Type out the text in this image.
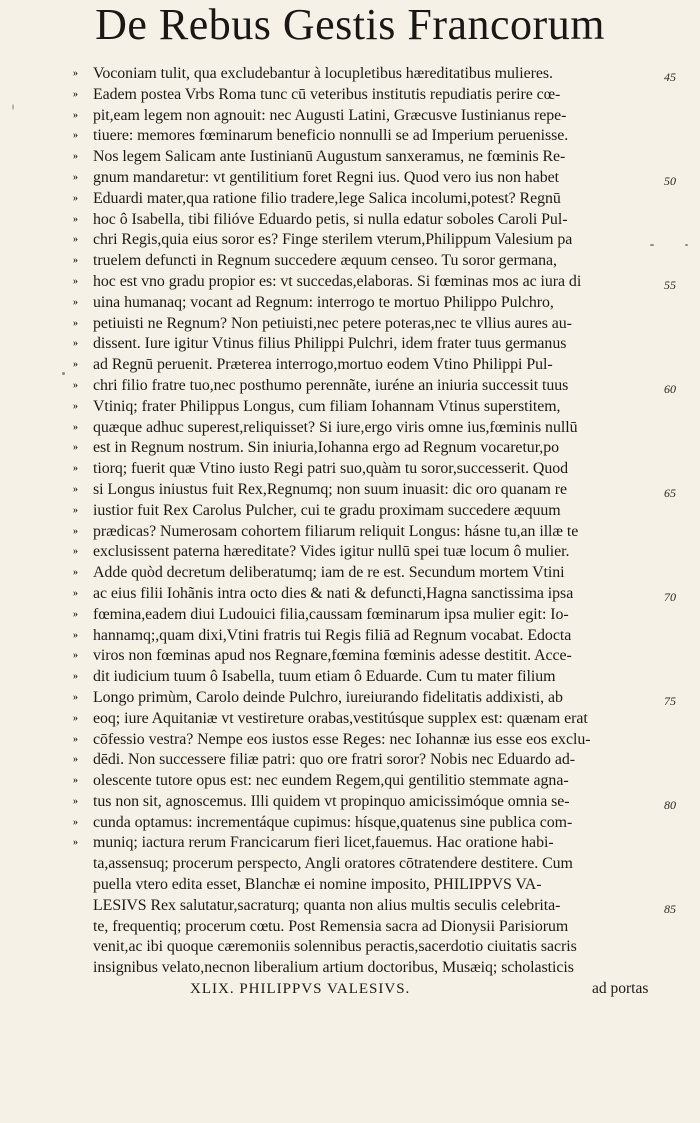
De Rebus Gestis Francorum
» Voconiam tulit, qua excludebantur à locupletibus hæreditatibus mulieres.	45
» Eadem postea Vrbs Roma tunc cū veteribus institutis repudiatis perire cœ-
» pit,eam legem non agnouit: nec Augusti Latini, Græcusve Iustinianus repe-
» tiuere: memores fœminarum beneficio nonnulli se ad Imperium peruenisse.
» Nos legem Salicam ante Iustinianū Augustum sanxeramus, ne fœminis Re-
» gnum mandaretur: vt gentilitium foret Regni ius. Quod vero ius non habet	50
» Eduardi mater,qua ratione filio tradere,lege Salica incolumi,potest? Regnū
» hoc ô Isabella, tibi filióve Eduardo petis, si nulla edatur soboles Caroli Pul-
» chri Regis,quia eius soror es? Finge sterilem vterum,Philippum Valesium pa
» truelem defuncti in Regnum succedere æquum censeo. Tu soror germana,
» hoc est vno gradu propior es: vt succedas,elaboras. Si fœminas mos ac iura di	55
» uina humanaq; vocant ad Regnum: interrogo te mortuo Philippo Pulchro,
» petiuisti ne Regnum? Non petiuisti,nec petere poteras,nec te vllius aures au-
» dissent. Iure igitur Vtinus filius Philippi Pulchri, idem frater tuus germanus
» ad Regnū peruenit. Præterea interrogo,mortuo eodem Vtino Philippi Pul-
» chri filio fratre tuo,nec posthumo perennãte, iuréne an iniuria successit tuus	60
» Vtiniq; frater Philippus Longus, cum filiam Iohannam Vtinus superstitem,
» quæque adhuc superest,reliquisset? Si iure,ergo viris omne ius,fœminis nullū
» est in Regnum nostrum. Sin iniuria,Iohanna ergo ad Regnum vocaretur,po
» tiorq; fuerit quæ Vtino iusto Regi patri suo,quàm tu soror,successerit. Quod
» si Longus iniustus fuit Rex,Regnumq; non suum inuasit: dic oro quanam re	65
» iustior fuit Rex Carolus Pulcher, cui te gradu proximam succedere æquum
» prædicas? Numerosam cohortem filiarum reliquit Longus: hásne tu,an illæ te
» exclusissent paterna hæreditate? Vides igitur nullū spei tuæ locum ô mulier.
» Adde quòd decretum deliberatumq; iam de re est. Secundum mortem Vtini
» ac eius filii Iohãnis intra octo dies & nati & defuncti,Hagna sanctissima ipsa	70
» fœmina,eadem diui Ludouici filia,caussam fœminarum ipsa mulier egit: Io-
» hannamq;,quam dixi,Vtini fratris tui Regis filiā ad Regnum vocabat. Edocta
» viros non fœminas apud nos Regnare,fœmina fœminis adesse destitit. Acce-
» dit iudicium tuum ô Isabella, tuum etiam ô Eduarde. Cum tu mater filium
» Longo primùm, Carolo deinde Pulchro, iureiurando fidelitatis addixisti, ab	75
» eoq; iure Aquitaniæ vt vestireture orabas,vestitúsque supplex est: quænam erat
» cōfessio vestra? Nempe eos iustos esse Reges: nec Iohannæ ius esse eos exclu-
» dēdi. Non successere filiæ patri: quo ore fratri soror? Nobis nec Eduardo ad-
» olescente tutore opus est: nec eundem Regem,qui gentilitio stemmate agna-
» tus non sit, agnoscemus. Illi quidem vt propinquo amicissimóque omnia se-	80
» cunda optamus: incrementáque cupimus: hísque,quatenus sine publica com-
» muniq; iactura rerum Francicarum fieri licet,fauemus. Hac oratione habi-
ta,assensuq; procerum perspecto, Angli oratores cōtratendere destitere. Cum
puella vtero edita esset, Blanchæ ei nomine imposito, PHILIPPVS VA-
LESIVS Rex salutatur,sacraturq; quanta non alius multis seculis celebrita-	85
te, frequentiq; procerum cœtu. Post Remensia sacra ad Dionysii Parisiorum
venit,ac ibi quoque cæremoniis solennibus peractis,sacerdotio ciuitatis sacris
insignibus velato,necnon liberalium artium doctoribus, Musæiq; scholasticis
XLIX. PHILIPPVS VALESIVS.	ad portas
